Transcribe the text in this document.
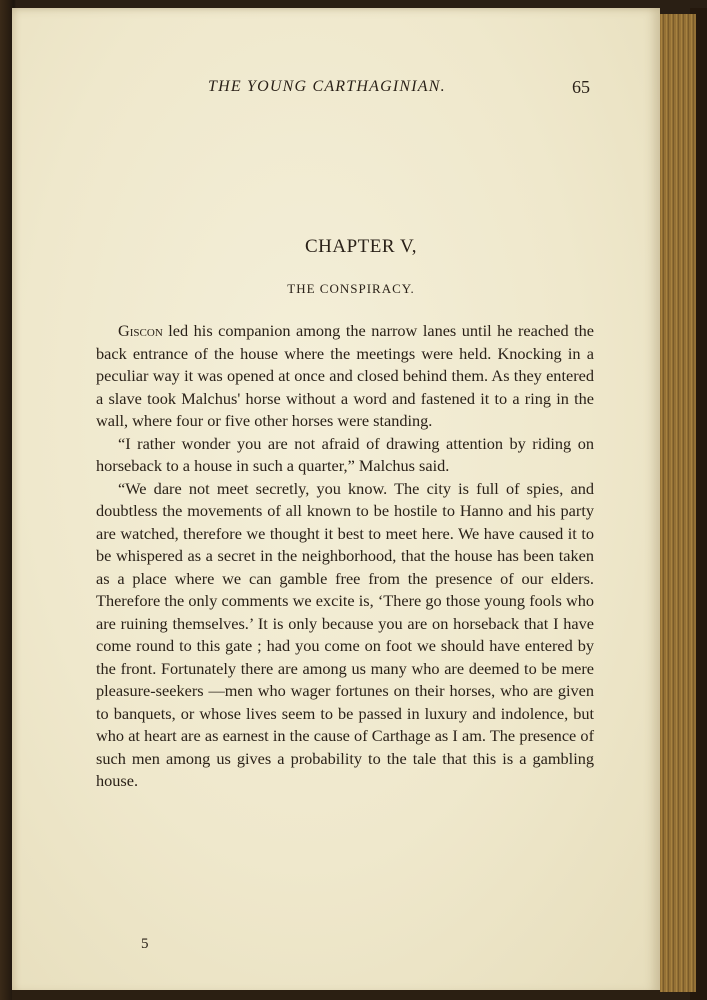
THE YOUNG CARTHAGINIAN.	65
CHAPTER V,
THE CONSPIRACY.

Giscon led his companion among the narrow lanes until he reached the back entrance of the house where the meetings were held. Knocking in a peculiar way it was opened at once and closed behind them. As they entered a slave took Malchus' horse without a word and fastened it to a ring in the wall, where four or five other horses were standing.

“I rather wonder you are not afraid of drawing attention by riding on horseback to a house in such a quarter,” Malchus said.

“We dare not meet secretly, you know. The city is full of spies, and doubtless the movements of all known to be hostile to Hanno and his party are watched, therefore we thought it best to meet here. We have caused it to be whispered as a secret in the neighborhood, that the house has been taken as a place where we can gamble free from the presence of our elders. Therefore the only comments we excite is, ‘There go those young fools who are ruining themselves.’ It is only because you are on horseback that I have come round to this gate ; had you come on foot we should have entered by the front. Fortunately there are among us many who are deemed to be mere pleasure-seekers —men who wager fortunes on their horses, who are given to banquets, or whose lives seem to be passed in luxury and indolence, but who at heart are as earnest in the cause of Carthage as I am. The presence of such men among us gives a probability to the tale that this is a gambling house.

5
